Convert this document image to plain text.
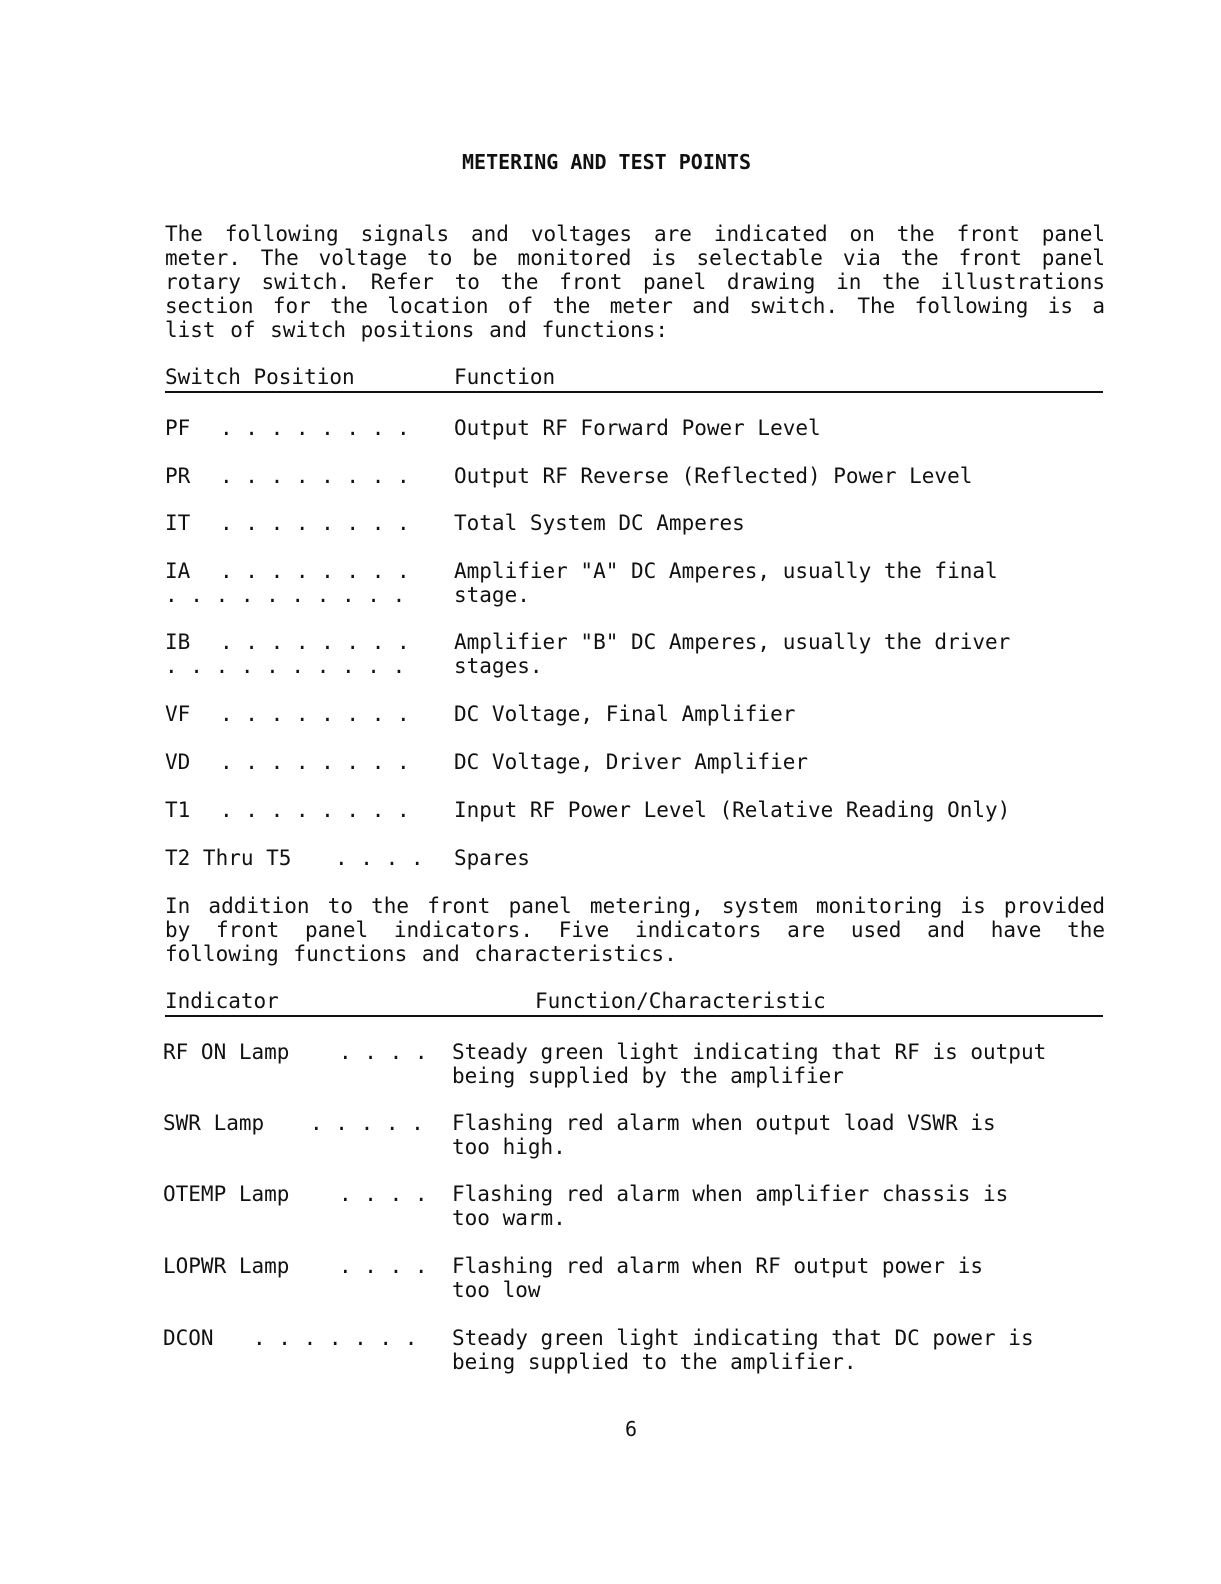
METERING AND TEST POINTS
The following signals and voltages are indicated on the front panel meter. The voltage to be monitored is selectable via the front panel rotary switch. Refer to the front panel drawing in the illustrations section for the location of the meter and switch. The following is a list of switch positions and functions:

Switch Position

	Function

PF

. . . . . . . .

Output RF Forward Power Level

PR

. . . . . . . .

Output RF Reverse (Reflected) Power Level

IT

. . . . . . . .

Total System DC Amperes

IA

. . . . . . . .

Amplifier "A" DC Amperes, usually the final

. . . . . . . . . .

stage.

IB

. . . . . . . .

Amplifier "B" DC Amperes, usually the driver

. . . . . . . . . .

stages.

VF

. . . . . . . .

DC Voltage, Final Amplifier

VD

. . . . . . . .

DC Voltage, Driver Amplifier

T1

. . . . . . . .

Input RF Power Level (Relative Reading Only)

T2 Thru T5

. . . .

Spares

In addition to the front panel metering, system monitoring is provided by front panel indicators. Five indicators are used and have the following functions and characteristics.

Indicator

	Function/Characteristic

RF ON Lamp

. . . .

Steady green light indicating that RF is output
being supplied by the amplifier

SWR Lamp

. . . . .

Flashing red alarm when output load VSWR is
too high.

OTEMP Lamp

. . . .

Flashing red alarm when amplifier chassis is
too warm.

LOPWR Lamp

. . . .

Flashing red alarm when RF output power is
too low

DCON

. . . . . . .

Steady green light indicating that DC power is
being supplied to the amplifier.

6
